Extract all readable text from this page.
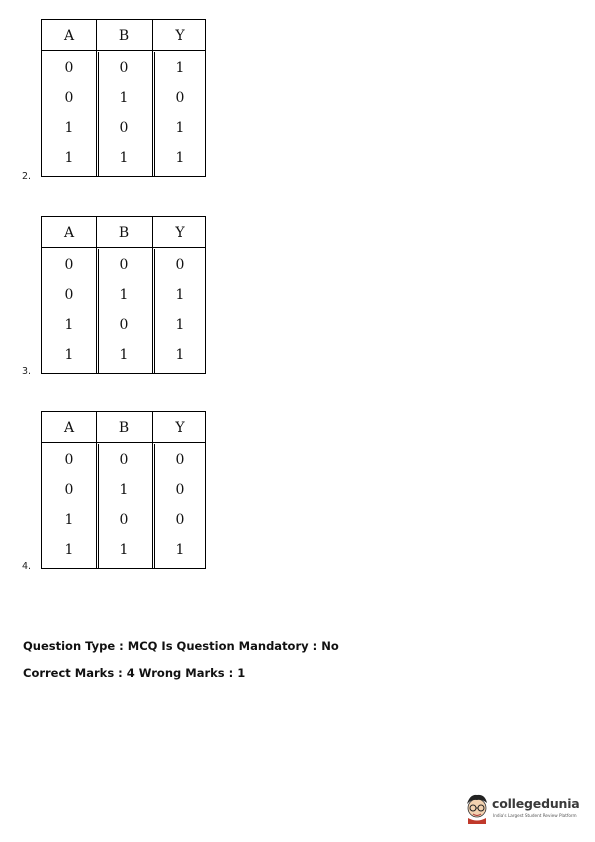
2.
A	B	Y
0	0	1
0	1	0
1	0	1
1	1	1
3.
A	B	Y
0	0	0
0	1	1
1	0	1
1	1	1
4.
A	B	Y
0	0	0
0	1	0
1	0	0
1	1	1
Question Type : MCQ Is Question Mandatory : No
Correct Marks : 4 Wrong Marks : 1
collegedunia
India's Largest Student Review Platform
